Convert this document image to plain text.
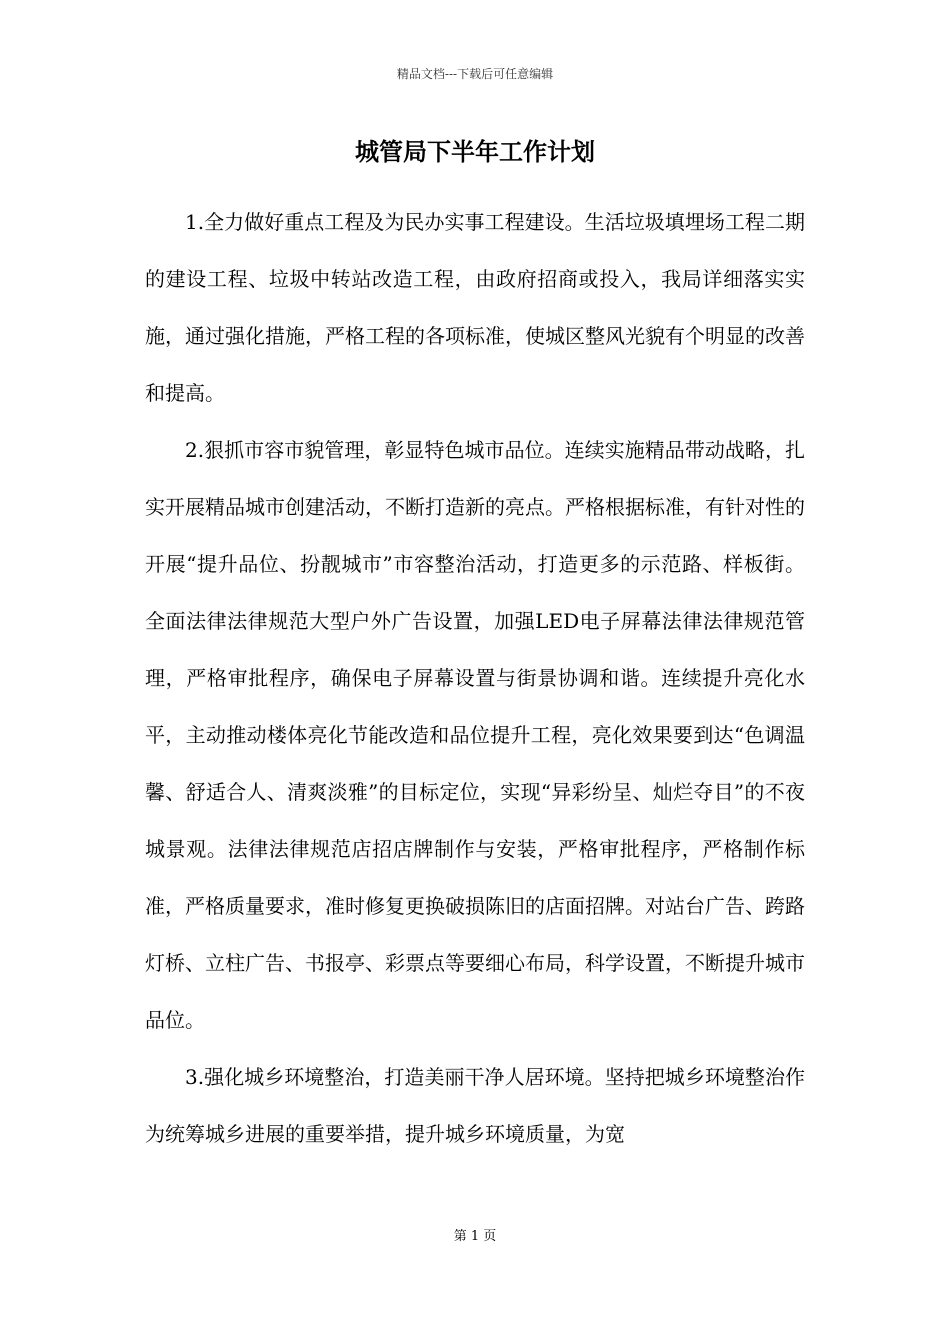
精品文档---下载后可任意编辑
城管局下半年工作计划

1.全力做好重点工程及为民办实事工程建设。生活垃圾填埋场工程二期的建设工程、垃圾中转站改造工程，由政府招商或投入，我局详细落实实施，通过强化措施，严格工程的各项标准，使城区整风光貌有个明显的改善和提高。

2.狠抓市容市貌管理，彰显特色城市品位。连续实施精品带动战略，扎实开展精品城市创建活动，不断打造新的亮点。严格根据标准，有针对性的开展“提升品位、扮靓城市”市容整治活动，打造更多的示范路、样板街。全面法律法律规范大型户外广告设置，加强LED电子屏幕法律法律规范管理，严格审批程序，确保电子屏幕设置与街景协调和谐。连续提升亮化水平，主动推动楼体亮化节能改造和品位提升工程，亮化效果要到达“色调温馨、舒适合人、清爽淡雅”的目标定位，实现“异彩纷呈、灿烂夺目”的不夜城景观。法律法律规范店招店牌制作与安装，严格审批程序，严格制作标准，严格质量要求，准时修复更换破损陈旧的店面招牌。对站台广告、跨路灯桥、立柱广告、书报亭、彩票点等要细心布局，科学设置，不断提升城市品位。

3.强化城乡环境整治，打造美丽干净人居环境。坚持把城乡环境整治作为统筹城乡进展的重要举措，提升城乡环境质量，为宽

第 1 页
